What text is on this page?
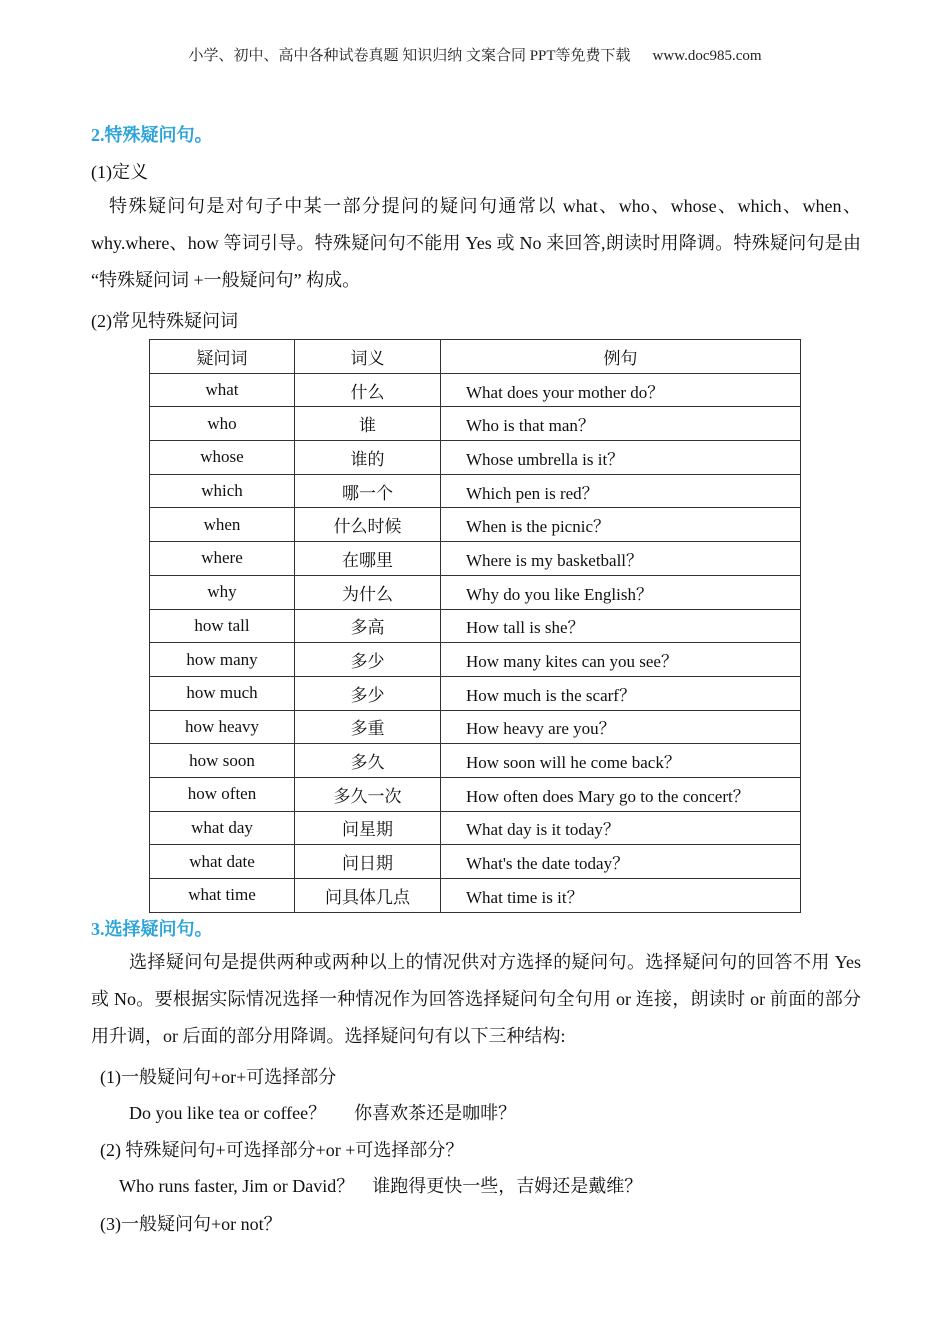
小学、初中、高中各种试卷真题 知识归纳 文案合同 PPT等免费下载 www.doc985.com
2.特殊疑问句。
(1)定义
特殊疑问句是对句子中某一部分提问的疑问句通常以 what、who、whose、which、when、why.where、how 等词引导。特殊疑问句不能用 Yes 或 No 来回答,朗读时用降调。特殊疑问句是由 “特殊疑问词 +一般疑问句” 构成。
(2)常见特殊疑问词
疑问词	词义	例句
what	什么	What does your mother do？
who	谁	Who is that man？
whose	谁的	Whose umbrella is it？
which	哪一个	Which pen is red？
when	什么时候	When is the picnic？
where	在哪里	Where is my basketball？
why	为什么	Why do you like English？
how tall	多高	How tall is she？
how many	多少	How many kites can you see？
how much	多少	How much is the scarf？
how heavy	多重	How heavy are you？
how soon	多久	How soon will he come back？
how often	多久一次	How often does Mary go to the concert？
what day	问星期	What day is it today？
what date	问日期	What's the date today？
what time	问具体几点	What time is it？
3.选择疑问句。
选择疑问句是提供两种或两种以上的情况供对方选择的疑问句。选择疑问句的回答不用 Yes 或 No。要根据实际情况选择一种情况作为回答选择疑问句全句用 or 连接，朗读时 or 前面的部分用升调，or 后面的部分用降调。选择疑问句有以下三种结构:
(1)一般疑问句+or+可选择部分
Do you like tea or coffee？ 你喜欢茶还是咖啡？
(2) 特殊疑问句+可选择部分+or +可选择部分？
Who runs faster, Jim or David？ 谁跑得更快一些，吉姆还是戴维？
(3)一般疑问句+or not？
